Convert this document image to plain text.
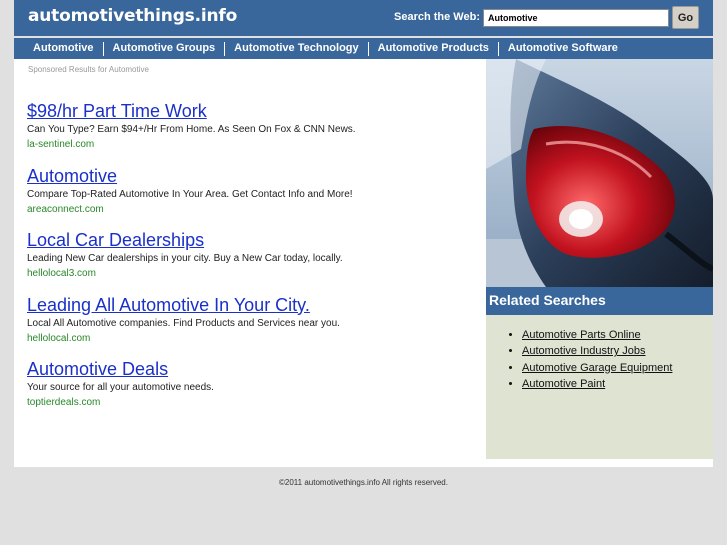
automotivethings.info	Search the Web:
Automotive	Go
Automotive	Automotive Groups	Automotive Technology	Automotive Products	Automotive Software
Sponsored Results for Automotive
$98/hr Part Time Work
Can You Type? Earn $94+/Hr From Home. As Seen On Fox & CNN News.
la-sentinel.com
Automotive
Compare Top-Rated Automotive In Your Area. Get Contact Info and More!
areaconnect.com
Local Car Dealerships
Leading New Car dealerships in your city. Buy a New Car today, locally.
hellolocal3.com
Leading All Automotive In Your City.
Local All Automotive companies. Find Products and Services near you.
hellolocal.com
Automotive Deals
Your source for all your automotive needs.
toptierdeals.com
Related Searches
• Automotive Parts Online
• Automotive Industry Jobs
• Automotive Garage Equipment
• Automotive Paint
©2011 automotivethings.info All rights reserved.
